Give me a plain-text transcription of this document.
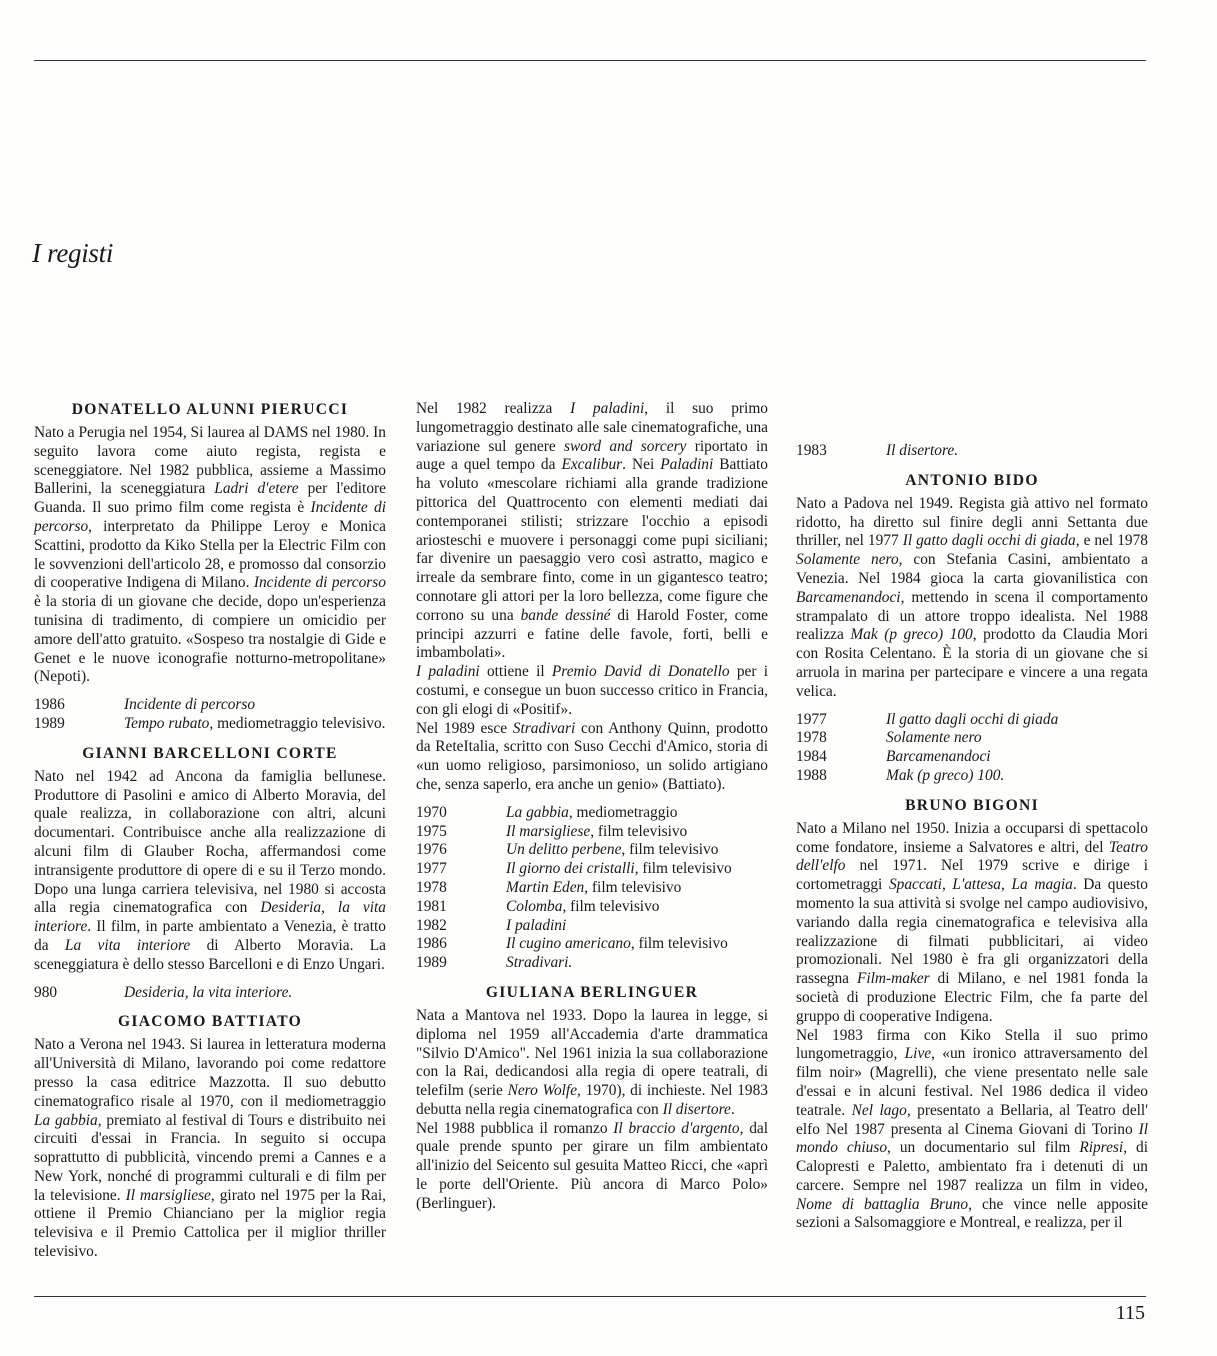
I registi
DONATELLO ALUNNI PIERUCCI

Nato a Perugia nel 1954, Si laurea al DAMS nel 1980. In seguito lavora come aiuto regista, regista e sceneggiatore. Nel 1982 pubblica, assieme a Massimo Ballerini, la sceneggiatura Ladri d'etere per l'editore Guanda. Il suo primo film come regista è Incidente di percorso, interpretato da Philippe Leroy e Monica Scattini, prodotto da Kiko Stella per la Electric Film con le sovvenzioni dell'articolo 28, e promosso dal consorzio di cooperative Indigena di Milano. Incidente di percorso è la storia di un giovane che decide, dopo un'esperienza tunisina di tradimento, di compiere un omicidio per amore dell'atto gratuito. «Sospeso tra nostalgie di Gide e Genet e le nuove iconografie notturno-metropolitane» (Nepoti).

1986	Incidente di percorso
1989	Tempo rubato, mediometraggio televisivo.
GIANNI BARCELLONI CORTE

Nato nel 1942 ad Ancona da famiglia bellunese. Produttore di Pasolini e amico di Alberto Moravia, del quale realizza, in collaborazione con altri, alcuni documentari. Contribuisce anche alla realizzazione di alcuni film di Glauber Rocha, affermandosi come intransigente produttore di opere di e su il Terzo mondo. Dopo una lunga carriera televisiva, nel 1980 si accosta alla regia cinematografica con Desideria, la vita interiore. Il film, in parte ambientato a Venezia, è tratto da La vita interiore di Alberto Moravia. La sceneggiatura è dello stesso Barcelloni e di Enzo Ungari.

980	Desideria, la vita interiore.
GIACOMO BATTIATO

Nato a Verona nel 1943. Si laurea in letteratura moderna all'Università di Milano, lavorando poi come redattore presso la casa editrice Mazzotta. Il suo debutto cinematografico risale al 1970, con il mediometraggio La gabbia, premiato al festival di Tours e distribuito nei circuiti d'essai in Francia. In seguito si occupa soprattutto di pubblicità, vincendo premi a Cannes e a New York, nonché di programmi culturali e di film per la televisione. Il marsigliese, girato nel 1975 per la Rai, ottiene il Premio Chianciano per la miglior regia televisiva e il Premio Cattolica per il miglior thriller televisivo.

Nel 1982 realizza I paladini, il suo primo lungometraggio destinato alle sale cinematografiche, una variazione sul genere sword and sorcery riportato in auge a quel tempo da Excalibur. Nei Paladini Battiato ha voluto «mescolare richiami alla grande tradizione pittorica del Quattrocento con elementi mediati dai contemporanei stilisti; strizzare l'occhio a episodi ariosteschi e muovere i personaggi come pupi siciliani; far divenire un paesaggio vero così astratto, magico e irreale da sembrare finto, come in un gigantesco teatro; connotare gli attori per la loro bellezza, come figure che corrono su una bande dessiné di Harold Foster, come principi azzurri e fatine delle favole, forti, belli e imbambolati».

I paladini ottiene il Premio David di Donatello per i costumi, e consegue un buon successo critico in Francia, con gli elogi di «Positif».

Nel 1989 esce Stradivari con Anthony Quinn, prodotto da ReteItalia, scritto con Suso Cecchi d'Amico, storia di «un uomo religioso, parsimonioso, un solido artigiano che, senza saperlo, era anche un genio» (Battiato).

1970	La gabbia, mediometraggio
1975	Il marsigliese, film televisivo
1976	Un delitto perbene, film televisivo
1977	Il giorno dei cristalli, film televisivo
1978	Martin Eden, film televisivo
1981	Colomba, film televisivo
1982	I paladini
1986	Il cugino americano, film televisivo
1989	Stradivari.
GIULIANA BERLINGUER

Nata a Mantova nel 1933. Dopo la laurea in legge, si diploma nel 1959 all'Accademia d'arte drammatica "Silvio D'Amico". Nel 1961 inizia la sua collaborazione con la Rai, dedicandosi alla regia di opere teatrali, di telefilm (serie Nero Wolfe, 1970), di inchieste. Nel 1983 debutta nella regia cinematografica con Il disertore.

Nel 1988 pubblica il romanzo Il braccio d'argento, dal quale prende spunto per girare un film ambientato all'inizio del Seicento sul gesuita Matteo Ricci, che «aprì le porte dell'Oriente. Più ancora di Marco Polo» (Berlinguer).

1983	Il disertore.
ANTONIO BIDO

Nato a Padova nel 1949. Regista già attivo nel formato ridotto, ha diretto sul finire degli anni Settanta due thriller, nel 1977 Il gatto dagli occhi di giada, e nel 1978 Solamente nero, con Stefania Casini, ambientato a Venezia. Nel 1984 gioca la carta giovanilistica con Barcamenandoci, mettendo in scena il comportamento strampalato di un attore troppo idealista. Nel 1988 realizza Mak (p greco) 100, prodotto da Claudia Mori con Rosita Celentano. È la storia di un giovane che si arruola in marina per partecipare e vincere a una regata velica.

1977	Il gatto dagli occhi di giada
1978	Solamente nero
1984	Barcamenandoci
1988	Mak (p greco) 100.
BRUNO BIGONI

Nato a Milano nel 1950. Inizia a occuparsi di spettacolo come fondatore, insieme a Salvatores e altri, del Teatro dell'elfo nel 1971. Nel 1979 scrive e dirige i cortometraggi Spaccati, L'attesa, La magia. Da questo momento la sua attività si svolge nel campo audiovisivo, variando dalla regia cinematografica e televisiva alla realizzazione di filmati pubblicitari, ai video promozionali. Nel 1980 è fra gli organizzatori della rassegna Film-maker di Milano, e nel 1981 fonda la società di produzione Electric Film, che fa parte del gruppo di cooperative Indigena.

Nel 1983 firma con Kiko Stella il suo primo lungometraggio, Live, «un ironico attraversamento del film noir» (Magrelli), che viene presentato nelle sale d'essai e in alcuni festival. Nel 1986 dedica il video teatrale. Nel lago, presentato a Bellaria, al Teatro dell' elfo Nel 1987 presenta al Cinema Giovani di Torino Il mondo chiuso, un documentario sul film Ripresi, di Calopresti e Paletto, ambientato fra i detenuti di un carcere. Sempre nel 1987 realizza un film in video, Nome di battaglia Bruno, che vince nelle apposite sezioni a Salsomaggiore e Montreal, e realizza, per il

115
